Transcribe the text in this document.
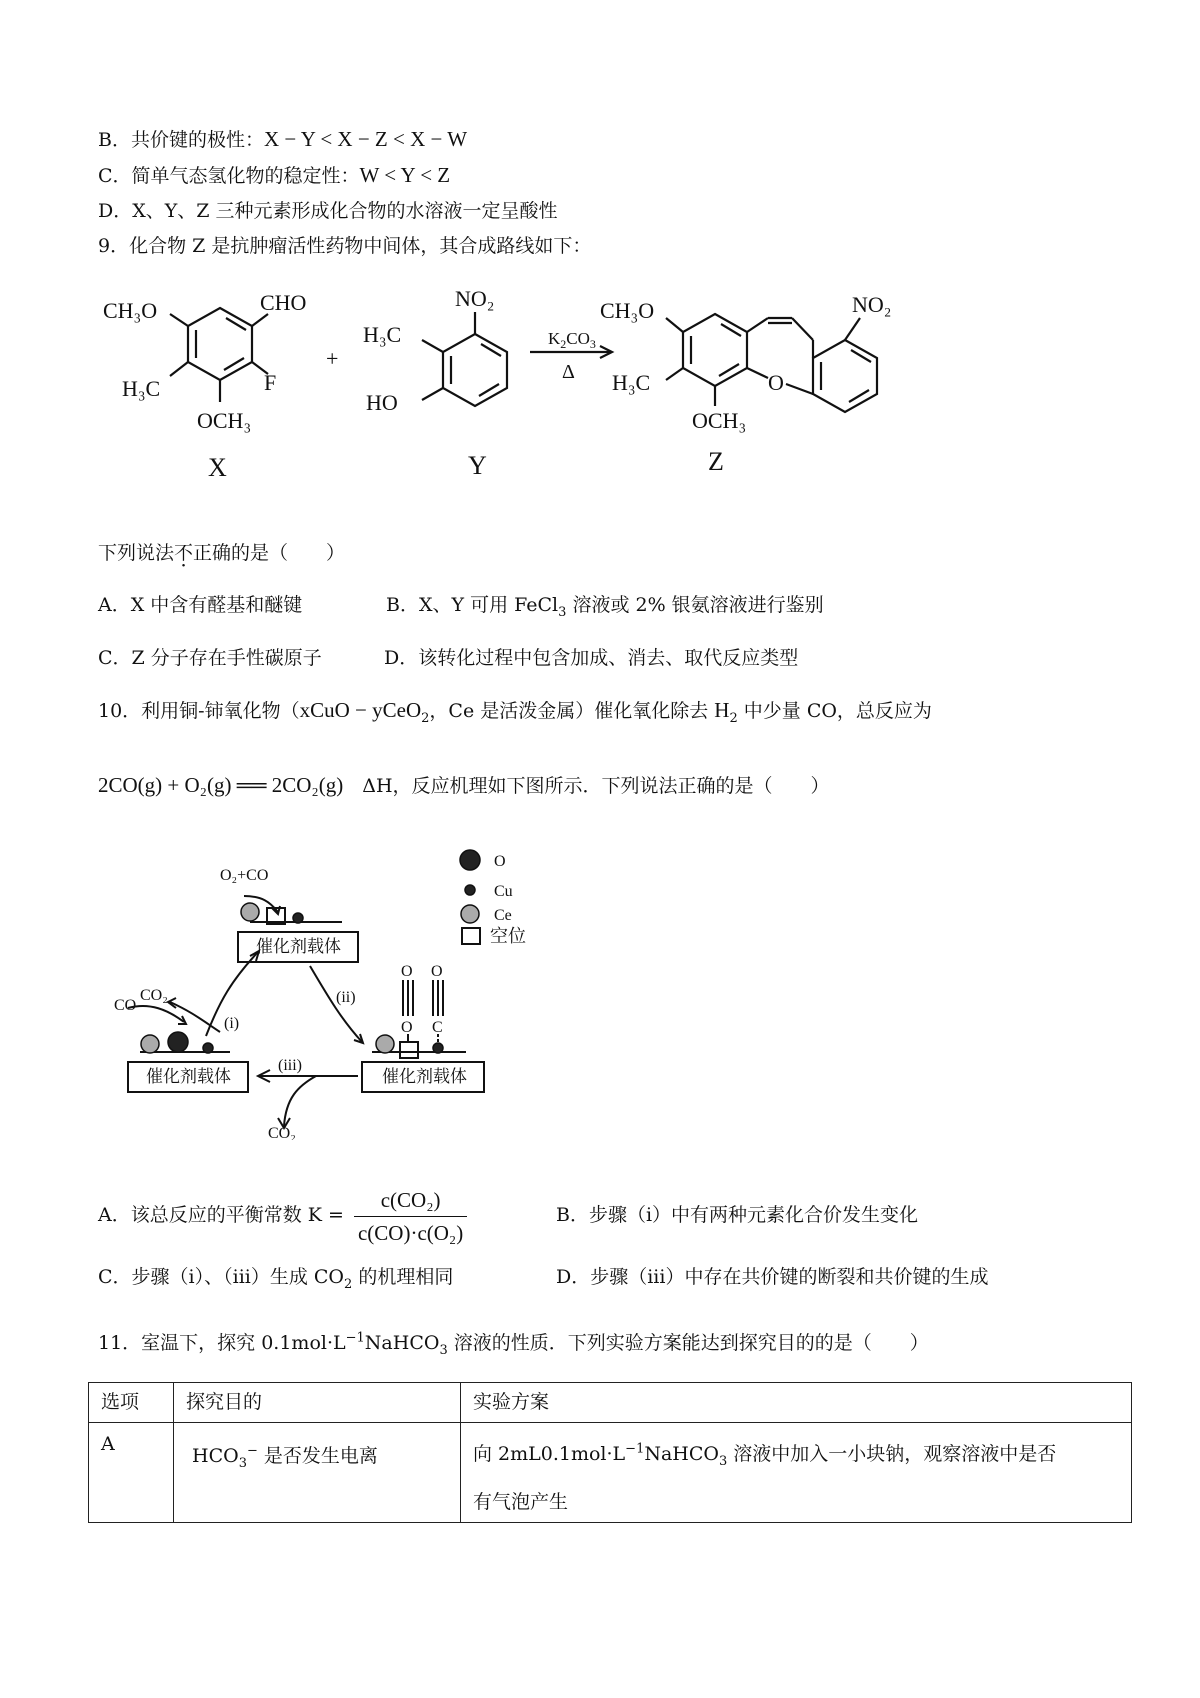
B．共价键的极性：X − Y < X − Z < X − W
C．简单气态氢化物的稳定性：W < Y < Z
D．X、Y、Z 三种元素形成化合物的水溶液一定呈酸性
9．化合物 Z 是抗肿瘤活性药物中间体，其合成路线如下：
CH₃O	CHO
F
H₃C
OCH₃
+
NO₂
H₃C
HO
CH₃O	NO₂
H₃C	O
OCH₃
$K_2CO_3$
Δ
X	Y	Z
下列说法不正确的是（　　）
A．X 中含有醛基和醚键	B．X、Y 可用 FeCl$_3$ 溶液或 2% 银氨溶液进行鉴别
C．Z 分子存在手性碳原子	D．该转化过程中包含加成、消去、取代反应类型
10．利用铜-铈氧化物（xCuO − yCeO$_2$，Ce 是活泼金属）催化氧化除去 $H_2$ 中少量 CO，总反应为
2CO(g) + O₂(g) ══ 2CO₂(g)  ΔH，反应机理如下图所示．下列说法正确的是（　　）
催化剂载体
催化剂载体	催化剂载体
O₂+CO
CO₂
CO
CO₂
(i)
(ii)
(iii)
O O
O C
O
Cu
Ce
空位
A．该总反应的平衡常数 $K = \frac{\text{c(CO₂)}}{\text{c(CO)·c(O₂)}}$	B．步骤（i）中有两种元素化合价发生变化
C．步骤（i）、（iii）生成 $CO_2$ 的机理相同	D．步骤（iii）中存在共价键的断裂和共价键的生成
11．室温下，探究 $0.1mol\cdot L^{-1}NaHCO_3$ 溶液的性质．下列实验方案能达到探究目的的是（　　）
选项	探究目的	实验方案
A	$HCO_3^-$ 是否发生电离	向 $2mL0.1mol\cdot L^{-1}NaHCO_3$ 溶液中加入一小块钠，观察溶液中是否
有气泡产生
